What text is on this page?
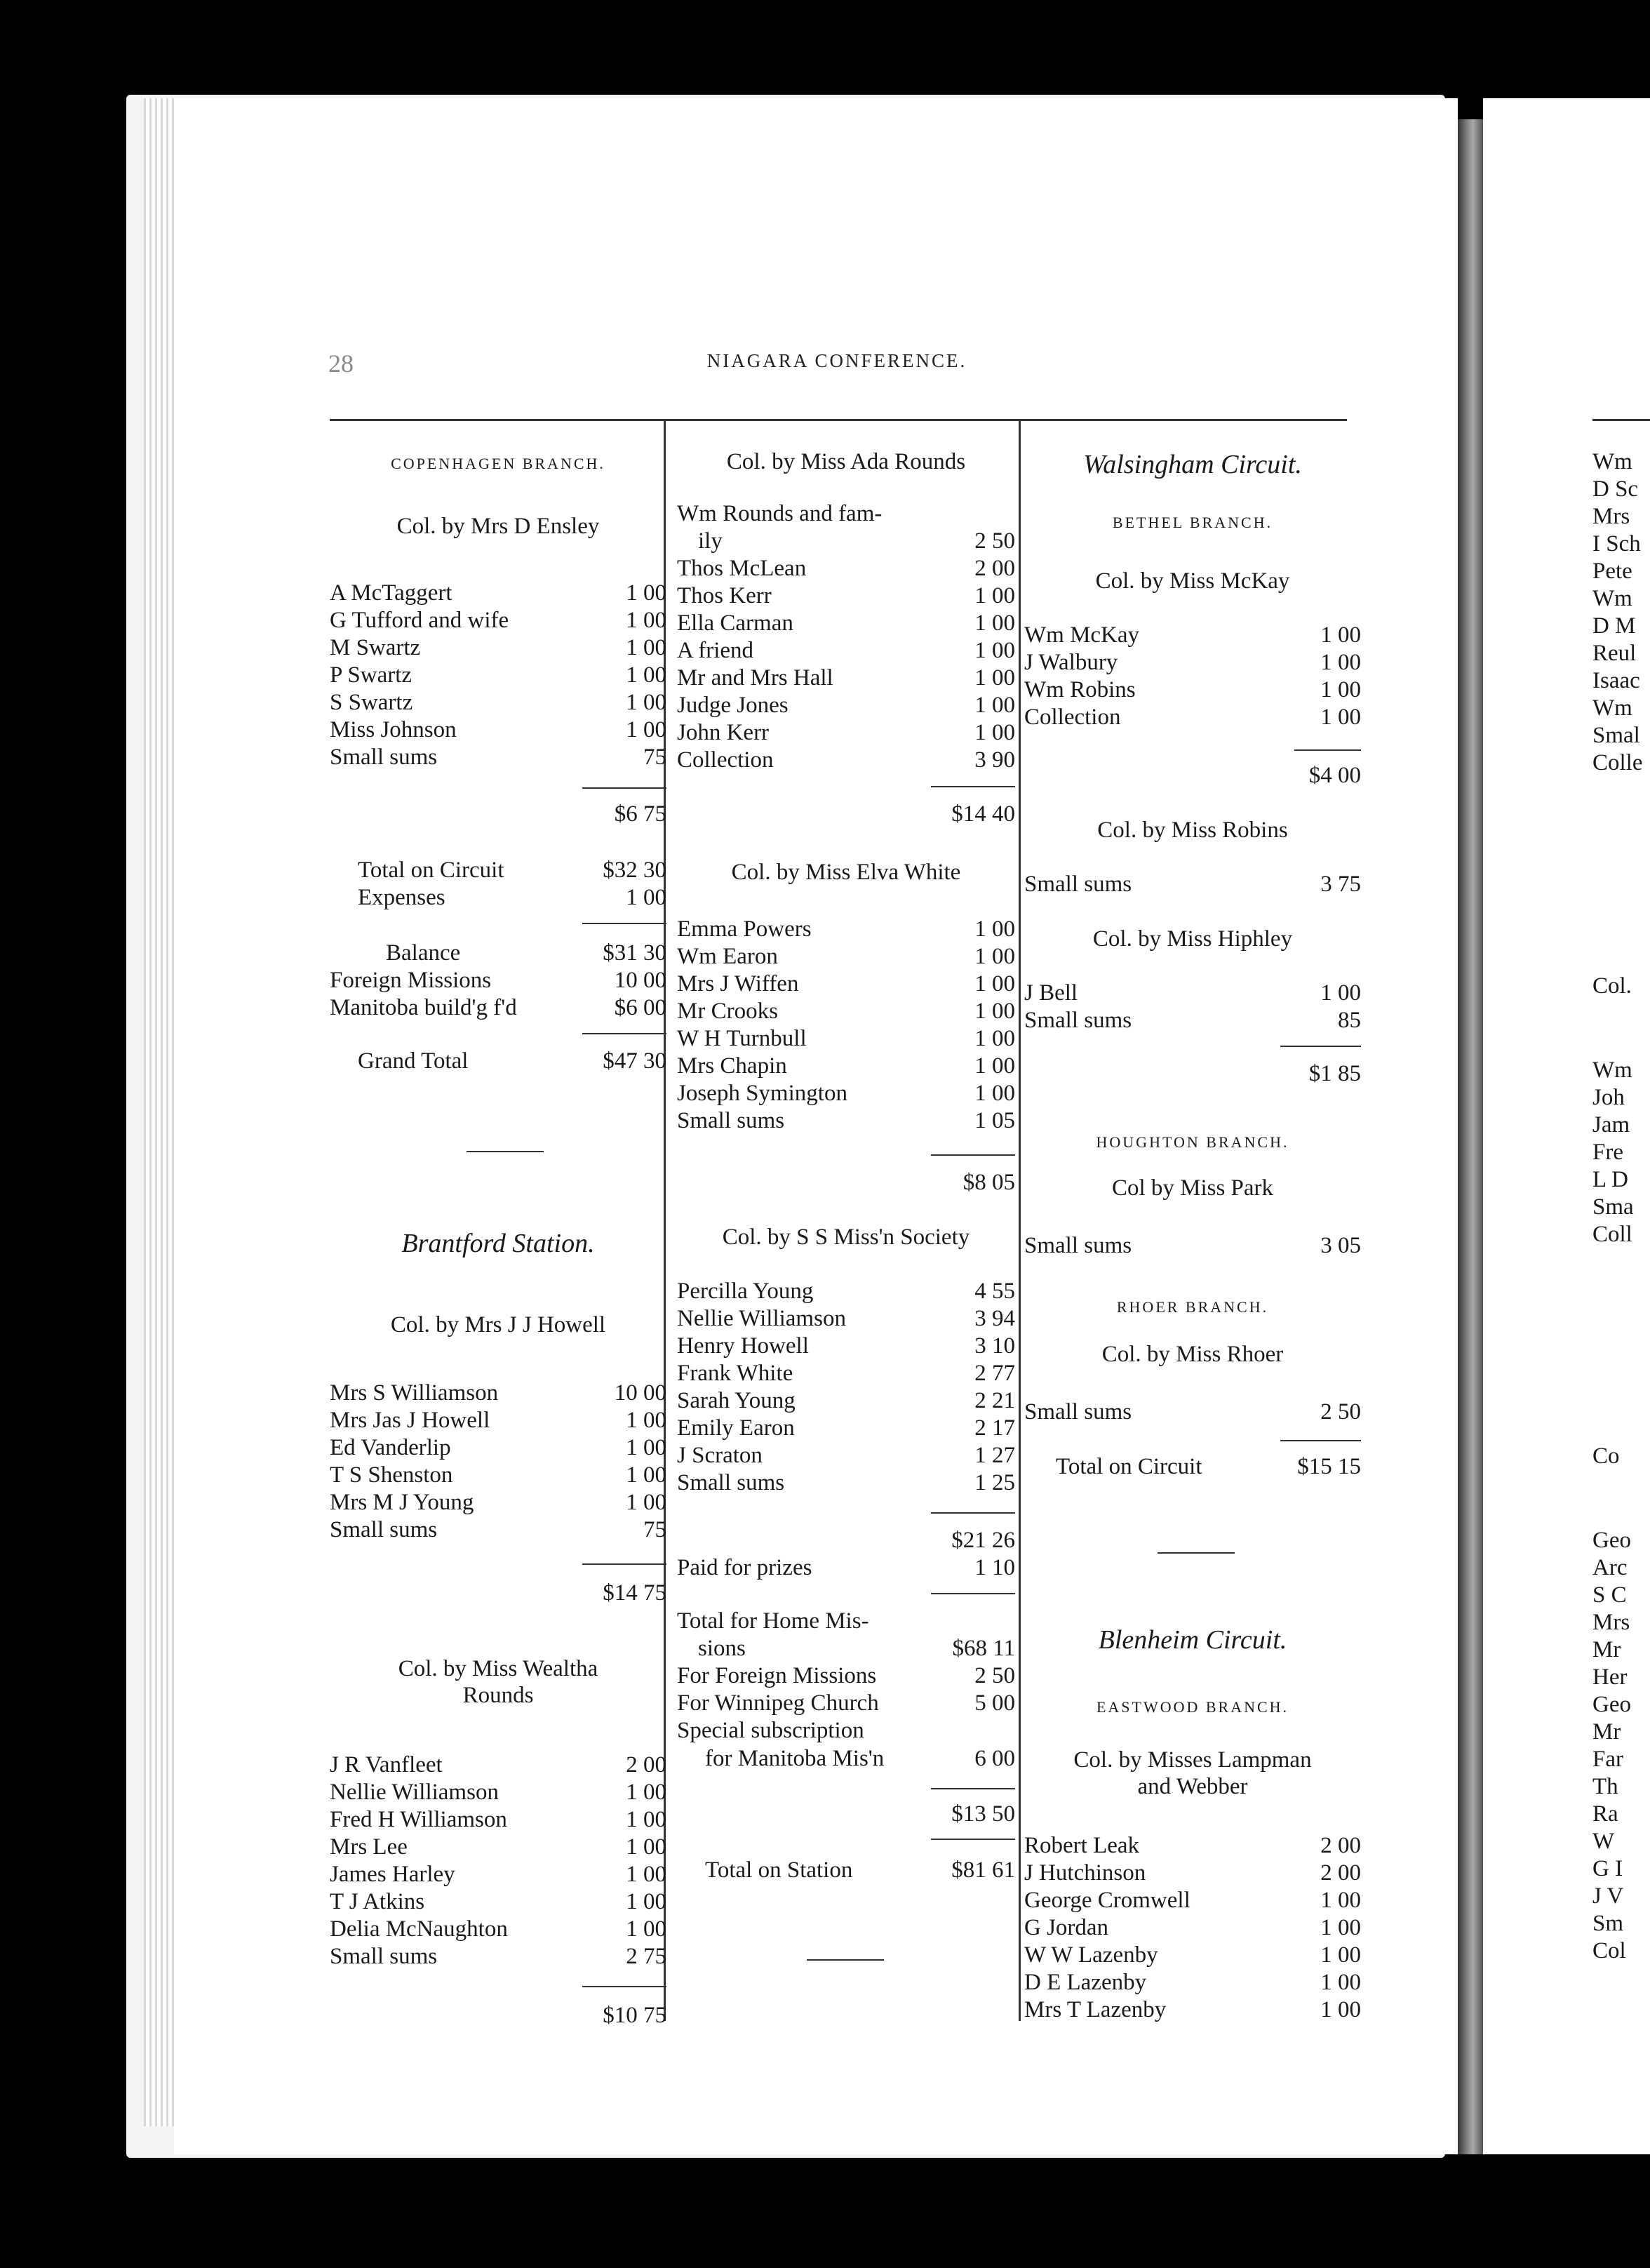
28	NIAGARA CONFERENCE.
COPENHAGEN BRANCH.
Col. by Mrs D Ensley
A McTaggert	1 00
G Tufford and wife	1 00
M Swartz	1 00
P Swartz	1 00
S Swartz	1 00
Miss Johnson	1 00
Small sums	75
$6 75
Total on Circuit	$32 30
Expenses	1 00
Balance	$31 30
Foreign Missions	10 00
Manitoba build'g f'd	$6 00
Grand Total	$47 30
Brantford Station.
Col. by Mrs J J Howell
Mrs S Williamson	10 00
Mrs Jas J Howell	1 00
Ed Vanderlip	1 00
T S Shenston	1 00
Mrs M J Young	1 00
Small sums	75
$14 75
Col. by Miss Wealtha
Rounds
J R Vanfleet	2 00
Nellie Williamson	1 00
Fred H Williamson	1 00
Mrs Lee	1 00
James Harley	1 00
T J Atkins	1 00
Delia McNaughton	1 00
Small sums	2 75
$10 75
Col. by Miss Ada Rounds
Wm Rounds and fam-
ily	2 50
Thos McLean	2 00
Thos Kerr	1 00
Ella Carman	1 00
A friend	1 00
Mr and Mrs Hall	1 00
Judge Jones	1 00
John Kerr	1 00
Collection	3 90
$14 40
Col. by Miss Elva White
Emma Powers	1 00
Wm Earon	1 00
Mrs J Wiffen	1 00
Mr Crooks	1 00
W H Turnbull	1 00
Mrs Chapin	1 00
Joseph Symington	1 00
Small sums	1 05
$8 05
Col. by S S Miss'n Society
Percilla Young	4 55
Nellie Williamson	3 94
Henry Howell	3 10
Frank White	2 77
Sarah Young	2 21
Emily Earon	2 17
J Scraton	1 27
Small sums	1 25
$21 26
Paid for prizes	1 10
Total for Home Mis-
sions	$68 11
For Foreign Missions	2 50
For Winnipeg Church	5 00
Special subscription
for Manitoba Mis'n	6 00
$13 50
Total on Station	$81 61
Walsingham Circuit.
BETHEL BRANCH.
Col. by Miss McKay
Wm McKay	1 00
J Walbury	1 00
Wm Robins	1 00
Collection	1 00
$4 00
Col. by Miss Robins
Small sums	3 75
Col. by Miss Hiphley
J Bell	1 00
Small sums	85
$1 85
HOUGHTON BRANCH.
Col by Miss Park
Small sums	3 05
RHOER BRANCH.
Col. by Miss Rhoer
Small sums	2 50
Total on Circuit	$15 15
Blenheim Circuit.
EASTWOOD BRANCH.
Col. by Misses Lampman
and Webber
Robert Leak	2 00
J Hutchinson	2 00
George Cromwell	1 00
G Jordan	1 00
W W Lazenby	1 00
D E Lazenby	1 00
Mrs T Lazenby	1 00
Wm
D Sc
Mrs
I Sch
Pete
Wm
D M
Reul
Isaac
Wm
Smal
Colle
Col.
Wm
Joh
Jam
Fre
L D
Sma
Coll
Co
Geo
Arc
S C
Mrs
Mr
Her
Geo
Mr
Far
Th
Ra
W
G I
J V
Sm
Col
